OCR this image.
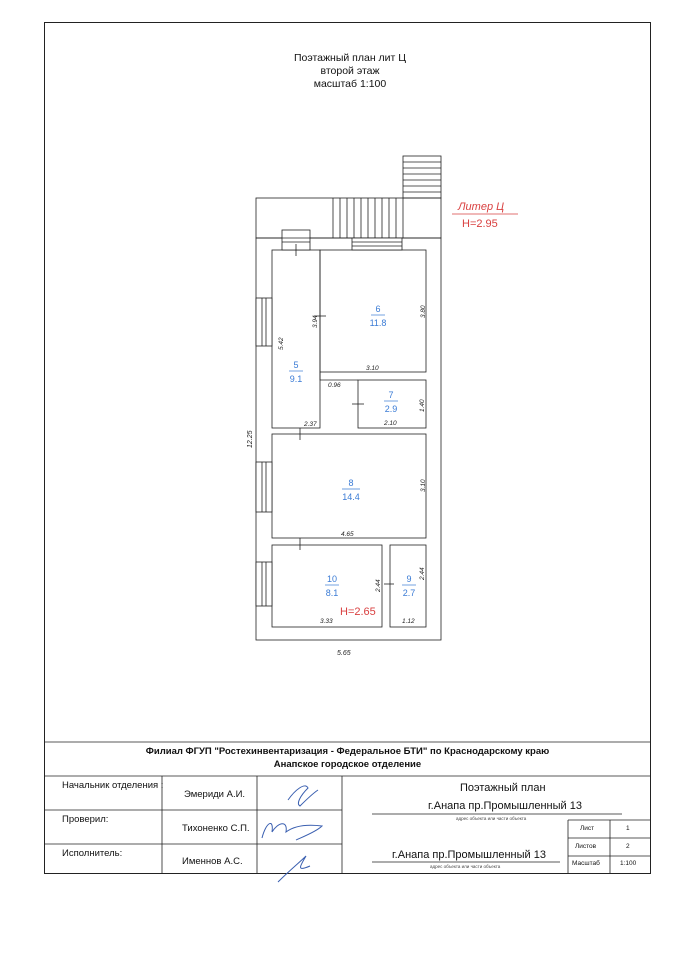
Поэтажный план лит Ц
второй этаж
масштаб 1:100
5.65
12.25
3.80
3.10
3.94
5.42
2.37
0.96
1.40
2.10
3.10
4.65
2.44
3.33
2.44
1.12
6
11.8
5
9.1
7
2.9
8
14.4
10
8.1
9
2.7
Литер Ц
H=2.95
H=2.65
Филиал ФГУП "Ростехинвентаризация - Федеральное БТИ" по Краснодарскому краю
Анапское городское отделение
Начальник отделения :
Эмериди А.И.
Проверил:
Тихоненко С.П.
Исполнитель:
Именнов А.С.
Поэтажный план
г.Анапа пр.Промышленный 13
адрес объекта или части объекта
г.Анапа пр.Промышленный 13
адрес объекта или части объекта
Лист	1
Листов	2
Масштаб	1:100
